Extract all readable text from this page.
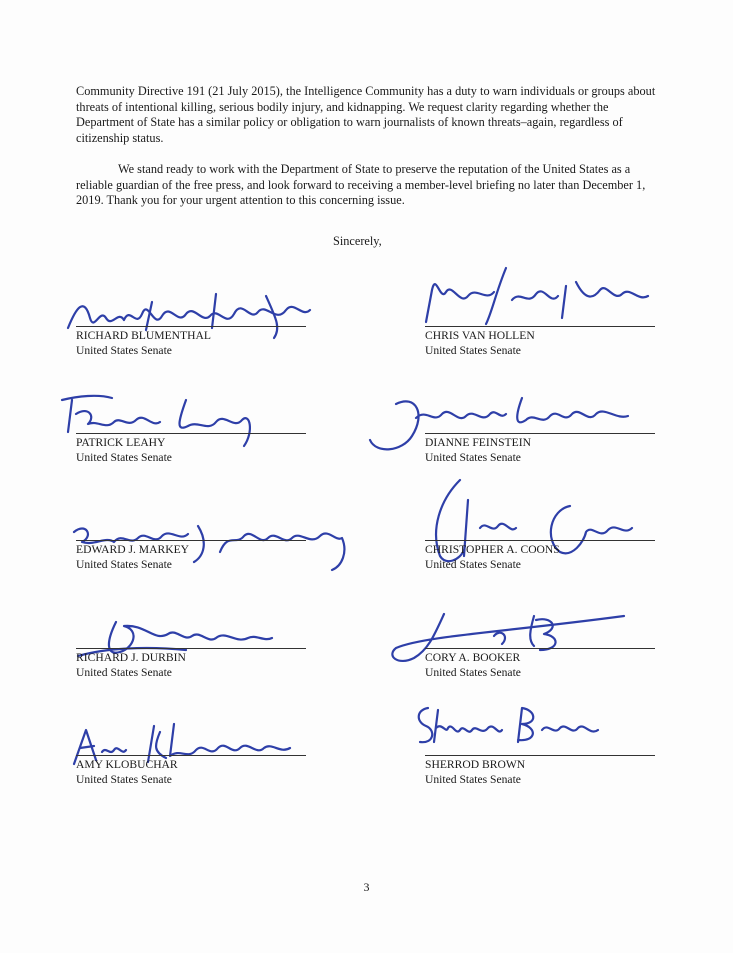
Community Directive 191 (21 July 2015), the Intelligence Community has a duty to warn individuals or groups about threats of intentional killing, serious bodily injury, and kidnapping. We request clarity regarding whether the Department of State has a similar policy or obligation to warn journalists of known threats–again, regardless of citizenship status.

We stand ready to work with the Department of State to preserve the reputation of the United States as a reliable guardian of the free press, and look forward to receiving a member-level briefing no later than December 1, 2019. Thank you for your urgent attention to this concerning issue.

Sincerely,
RICHARD BLUMENTHAL
United States Senate
PATRICK LEAHY
United States Senate
EDWARD J. MARKEY
United States Senate
RICHARD J. DURBIN
United States Senate
AMY KLOBUCHAR
United States Senate
CHRIS VAN HOLLEN
United States Senate
DIANNE FEINSTEIN
United States Senate
CHRISTOPHER A. COONS
United States Senate
CORY A. BOOKER
United States Senate
SHERROD BROWN
United States Senate
3
